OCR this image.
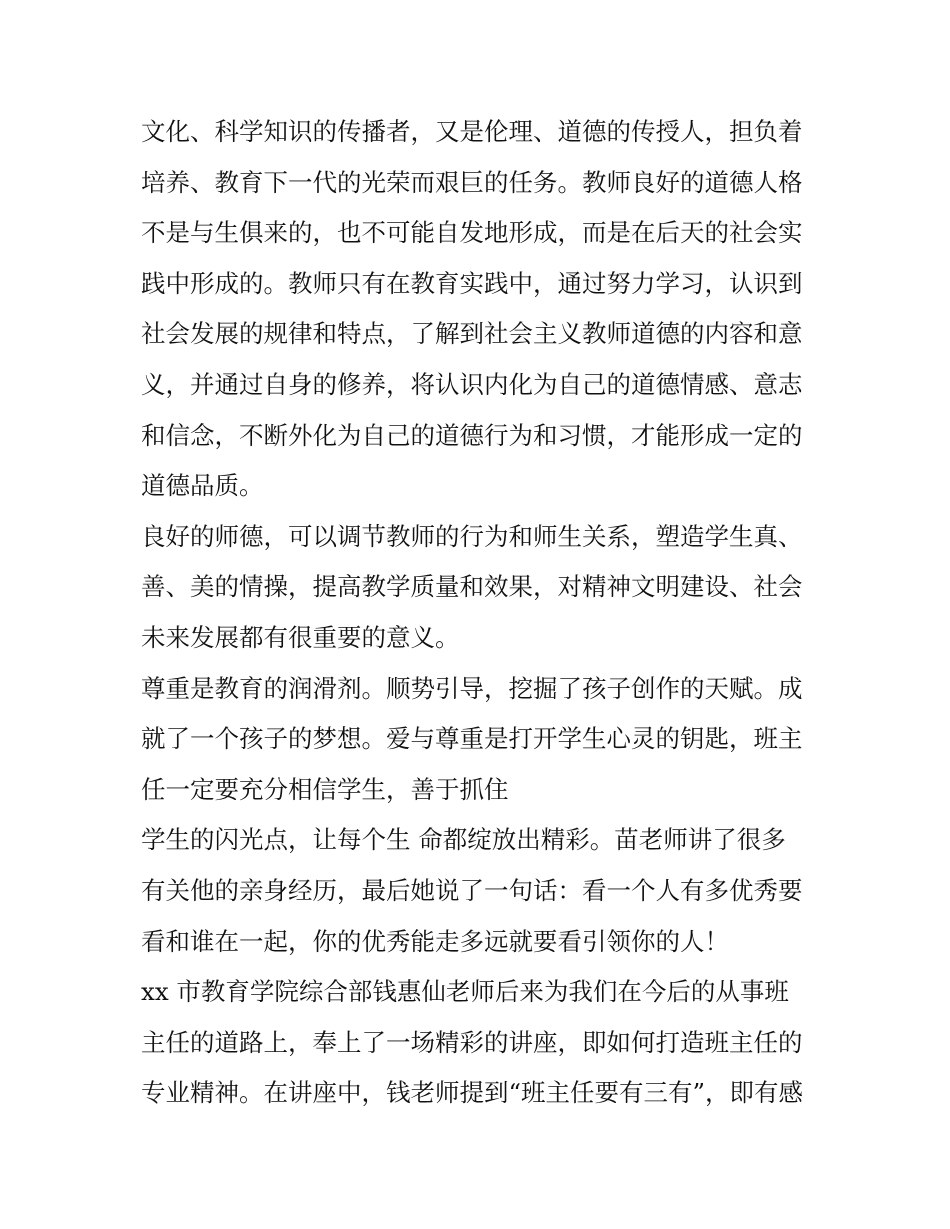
文化、科学知识的传播者，又是伦理、道德的传授人，担负着
培养、教育下一代的光荣而艰巨的任务。教师良好的道德人格
不是与生俱来的，也不可能自发地形成，而是在后天的社会实
践中形成的。教师只有在教育实践中，通过努力学习，认识到
社会发展的规律和特点，了解到社会主义教师道德的内容和意
义，并通过自身的修养，将认识内化为自己的道德情感、意志
和信念，不断外化为自己的道德行为和习惯，才能形成一定的
道德品质。
良好的师德，可以调节教师的行为和师生关系，塑造学生真、
善、美的情操，提高教学质量和效果，对精神文明建设、社会
未来发展都有很重要的意义。
尊重是教育的润滑剂。顺势引导，挖掘了孩子创作的天赋。成
就了一个孩子的梦想。爱与尊重是打开学生心灵的钥匙，班主
任一定要充分相信学生，善于抓住
学生的闪光点，让每个生 命都绽放出精彩。苗老师讲了很多
有关他的亲身经历，最后她说了一句话：看一个人有多优秀要
看和谁在一起，你的优秀能走多远就要看引领你的人！
xx 市教育学院综合部钱惠仙老师后来为我们在今后的从事班
主任的道路上，奉上了一场精彩的讲座，即如何打造班主任的
专业精神。在讲座中，钱老师提到“班主任要有三有”，即有感
